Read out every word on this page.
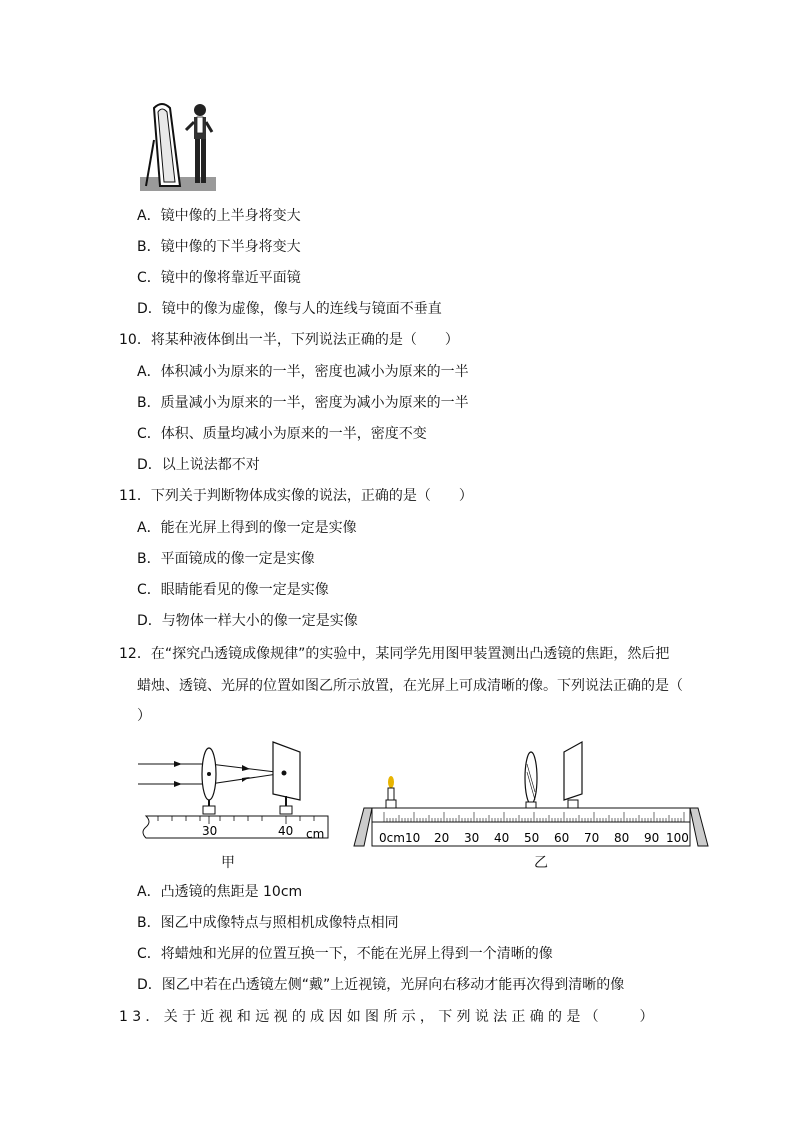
A．镜中像的上半身将变大
B．镜中像的下半身将变大
C．镜中的像将靠近平面镜
D．镜中的像为虚像，像与人的连线与镜面不垂直
10．将某种液体倒出一半，下列说法正确的是（　　）
A．体积减小为原来的一半，密度也减小为原来的一半
B．质量减小为原来的一半，密度为减小为原来的一半
C．体积、质量均减小为原来的一半，密度不变
D．以上说法都不对
11．下列关于判断物体成实像的说法，正确的是（　　）
A．能在光屏上得到的像一定是实像
B．平面镜成的像一定是实像
C．眼睛能看见的像一定是实像
D．与物体一样大小的像一定是实像
12．在“探究凸透镜成像规律”的实验中，某同学先用图甲装置测出凸透镜的焦距，然后把
蜡烛、透镜、光屏的位置如图乙所示放置，在光屏上可成清晰的像。下列说法正确的是（
）
30	40 cm
甲
0cm 10 20 30 40 50 60 70 80 90 100
乙
A．凸透镜的焦距是 10cm
B．图乙中成像特点与照相机成像特点相同
C．将蜡烛和光屏的位置互换一下，不能在光屏上得到一个清晰的像
D．图乙中若在凸透镜左侧“戴”上近视镜，光屏向右移动才能再次得到清晰的像
13．关于近视和远视的成因如图所示，下列说法正确的是（　　）
